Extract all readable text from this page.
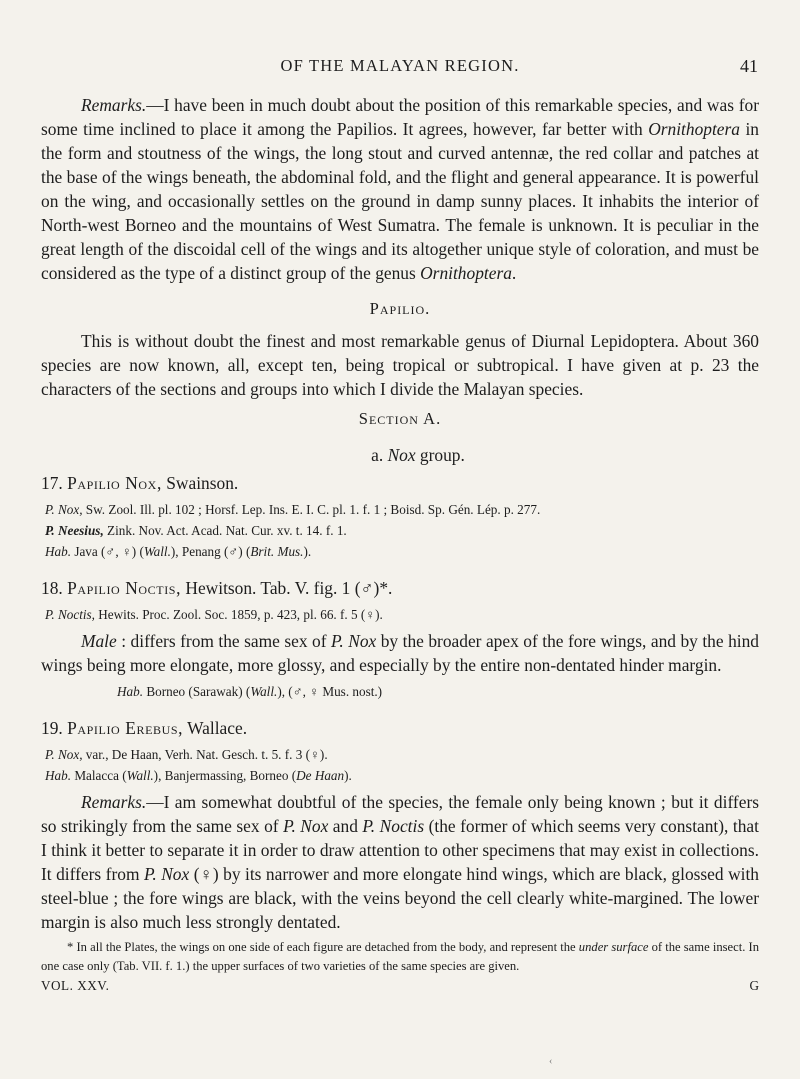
OF THE MALAYAN REGION.	41

Remarks.—I have been in much doubt about the position of this remarkable species, and was for some time inclined to place it among the Papilios. It agrees, however, far better with Ornithoptera in the form and stoutness of the wings, the long stout and curved antennæ, the red collar and patches at the base of the wings beneath, the abdominal fold, and the flight and general appearance. It is powerful on the wing, and occasionally settles on the ground in damp sunny places. It inhabits the interior of North-west Borneo and the mountains of West Sumatra. The female is unknown. It is peculiar in the great length of the discoidal cell of the wings and its altogether unique style of coloration, and must be considered as the type of a distinct group of the genus Ornithoptera.

Papilio.

This is without doubt the finest and most remarkable genus of Diurnal Lepidoptera. About 360 species are now known, all, except ten, being tropical or subtropical. I have given at p. 23 the characters of the sections and groups into which I divide the Malayan species.

Section A.
a. Nox group.
17. Papilio Nox, Swainson.
P. Nox, Sw. Zool. Ill. pl. 102 ; Horsf. Lep. Ins. E. I. C. pl. 1. f. 1 ; Boisd. Sp. Gén. Lép. p. 277.
P. Neesius, Zink. Nov. Act. Acad. Nat. Cur. xv. t. 14. f. 1.
Hab. Java (♂, ♀) (Wall.), Penang (♂) (Brit. Mus.).
18. Papilio Noctis, Hewitson. Tab. V. fig. 1 (♂)*.
P. Noctis, Hewits. Proc. Zool. Soc. 1859, p. 423, pl. 66. f. 5 (♀).

Male : differs from the same sex of P. Nox by the broader apex of the fore wings, and by the hind wings being more elongate, more glossy, and especially by the entire non-dentated hinder margin.

Hab. Borneo (Sarawak) (Wall.), (♂, ♀ Mus. nost.)
19. Papilio Erebus, Wallace.
P. Nox, var., De Haan, Verh. Nat. Gesch. t. 5. f. 3 (♀).
Hab. Malacca (Wall.), Banjermassing, Borneo (De Haan).

Remarks.—I am somewhat doubtful of the species, the female only being known ; but it differs so strikingly from the same sex of P. Nox and P. Noctis (the former of which seems very constant), that I think it better to separate it in order to draw attention to other specimens that may exist in collections. It differs from P. Nox (♀) by its narrower and more elongate hind wings, which are black, glossed with steel-blue ; the fore wings are black, with the veins beyond the cell clearly white-margined. The lower margin is also much less strongly dentated.

* In all the Plates, the wings on one side of each figure are detached from the body, and represent the under surface of the same insect. In one case only (Tab. VII. f. 1.) the upper surfaces of two varieties of the same species are given.

VOL. XXV.	G
‹
